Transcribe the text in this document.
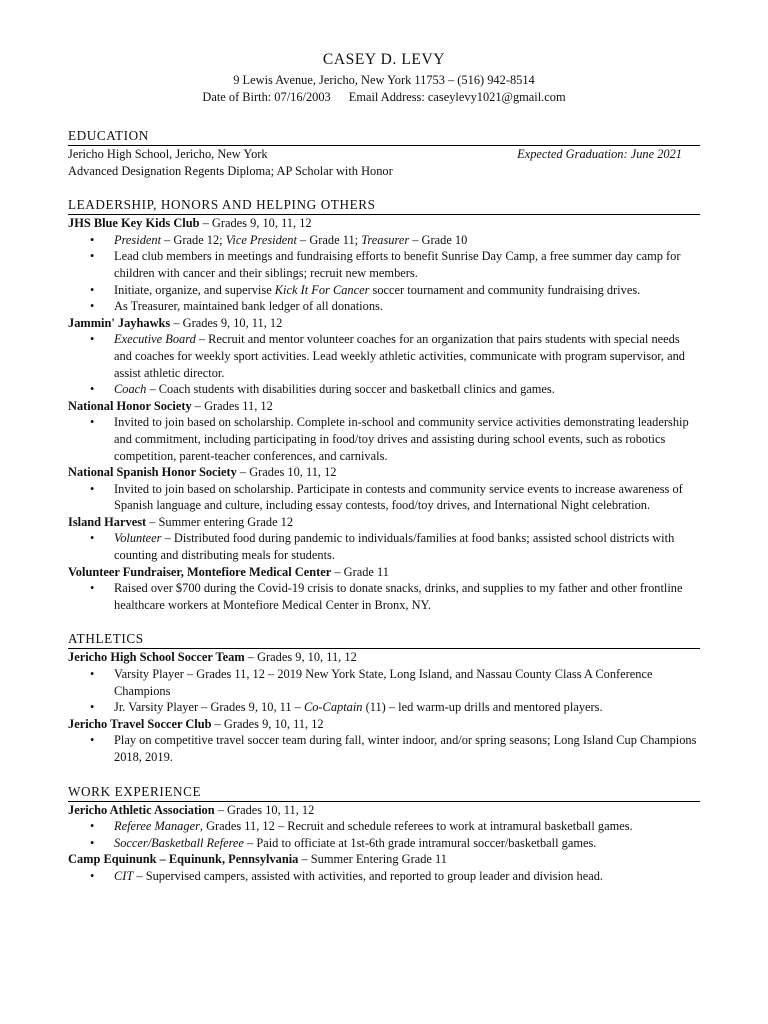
CASEY D. LEVY
9 Lewis Avenue, Jericho, New York 11753 – (516) 942-8514
Date of Birth: 07/16/2003 Email Address: caseylevy1021@gmail.com
EDUCATION
Jericho High School, Jericho, New York	Expected Graduation: June 2021
Advanced Designation Regents Diploma; AP Scholar with Honor
LEADERSHIP, HONORS AND HELPING OTHERS
JHS Blue Key Kids Club – Grades 9, 10, 11, 12
• President – Grade 12; Vice President – Grade 11; Treasurer – Grade 10
• Lead club members in meetings and fundraising efforts to benefit Sunrise Day Camp, a free summer day camp for children with cancer and their siblings; recruit new members.
• Initiate, organize, and supervise Kick It For Cancer soccer tournament and community fundraising drives.
• As Treasurer, maintained bank ledger of all donations.
Jammin' Jayhawks – Grades 9, 10, 11, 12
• Executive Board – Recruit and mentor volunteer coaches for an organization that pairs students with special needs and coaches for weekly sport activities. Lead weekly athletic activities, communicate with program supervisor, and assist athletic director.
• Coach – Coach students with disabilities during soccer and basketball clinics and games.
National Honor Society – Grades 11, 12
• Invited to join based on scholarship. Complete in-school and community service activities demonstrating leadership and commitment, including participating in food/toy drives and assisting during school events, such as robotics competition, parent-teacher conferences, and carnivals.
National Spanish Honor Society – Grades 10, 11, 12
• Invited to join based on scholarship. Participate in contests and community service events to increase awareness of Spanish language and culture, including essay contests, food/toy drives, and International Night celebration.
Island Harvest – Summer entering Grade 12
• Volunteer – Distributed food during pandemic to individuals/families at food banks; assisted school districts with counting and distributing meals for students.
Volunteer Fundraiser, Montefiore Medical Center – Grade 11
• Raised over $700 during the Covid-19 crisis to donate snacks, drinks, and supplies to my father and other frontline healthcare workers at Montefiore Medical Center in Bronx, NY.
ATHLETICS
Jericho High School Soccer Team – Grades 9, 10, 11, 12
• Varsity Player – Grades 11, 12 – 2019 New York State, Long Island, and Nassau County Class A Conference Champions
• Jr. Varsity Player – Grades 9, 10, 11 – Co-Captain (11) – led warm-up drills and mentored players.
Jericho Travel Soccer Club – Grades 9, 10, 11, 12
• Play on competitive travel soccer team during fall, winter indoor, and/or spring seasons; Long Island Cup Champions 2018, 2019.
WORK EXPERIENCE
Jericho Athletic Association – Grades 10, 11, 12
• Referee Manager, Grades 11, 12 – Recruit and schedule referees to work at intramural basketball games.
• Soccer/Basketball Referee – Paid to officiate at 1st-6th grade intramural soccer/basketball games.
Camp Equinunk – Equinunk, Pennsylvania – Summer Entering Grade 11
• CIT – Supervised campers, assisted with activities, and reported to group leader and division head.
